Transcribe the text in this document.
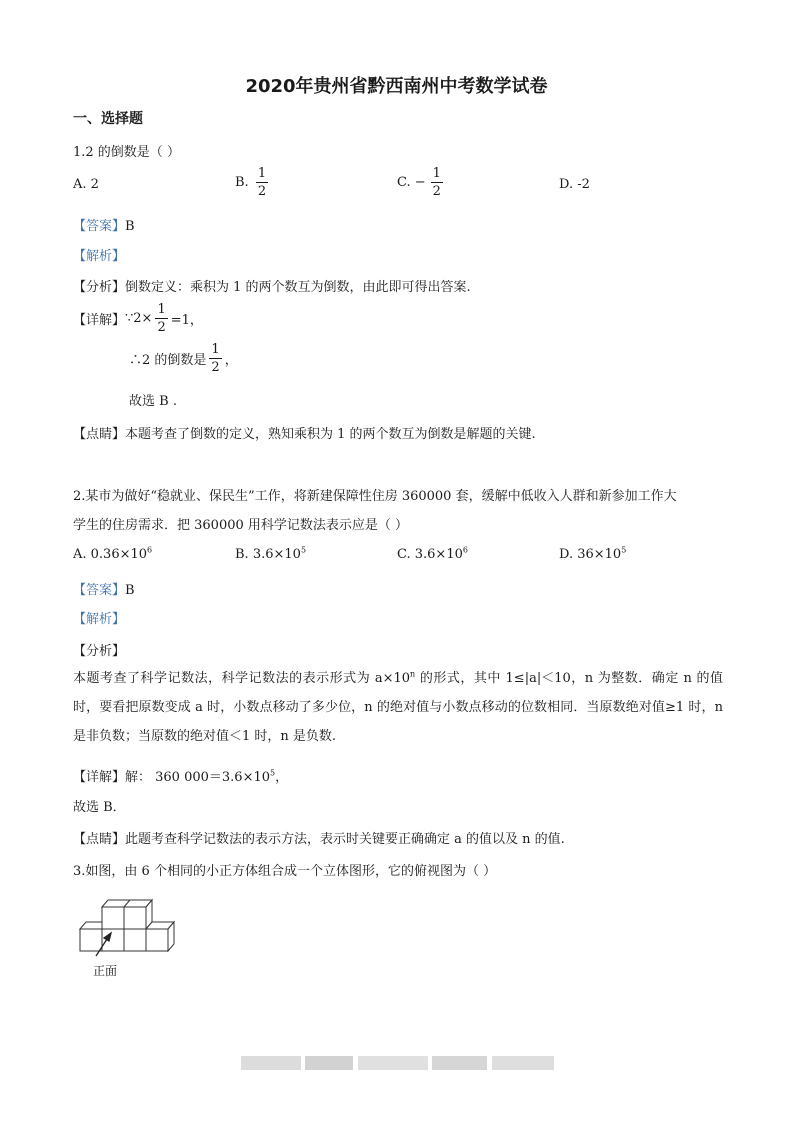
2020年贵州省黔西南州中考数学试卷
一、选择题
1.2 的倒数是（ ）
A. 2	B. $\frac{1}{2}$	C. − $\frac{1}{2}$	D. -2
【答案】B
【解析】
【分析】倒数定义：乘积为 1 的两个数互为倒数，由此即可得出答案.
【详解】∵2× $\frac{1}{2} =1$，
∴2 的倒数是 $\frac{1}{2}$ ，
故选 B .
【点睛】本题考查了倒数的定义，熟知乘积为 1 的两个数互为倒数是解题的关键.
2.某市为做好“稳就业、保民生”工作，将新建保障性住房 360000 套，缓解中低收入人群和新参加工作大
学生的住房需求．把 360000 用科学记数法表示应是（ ）
A. $0.36\times 10^6$	B. $3.6\times 10^5$	C. $3.6\times 10^6$	D. $36\times 10^5$
【答案】B
【解析】
【分析】
本题考查了科学记数法，科学记数法的表示形式为 $a\times 10^n$ 的形式，其中 1≤|a|＜10，n 为整数．确定 n 的值时，要看把原数变成 a 时，小数点移动了多少位，n 的绝对值与小数点移动的位数相同．当原数绝对值≥1 时，n 是非负数；当原数的绝对值＜1 时，n 是负数.
【详解】解： 360 $000=3.6\times 10^5$，
故选 B．
【点睛】此题考查科学记数法的表示方法，表示时关键要正确确定 a 的值以及 n 的值.
3.如图，由 6 个相同的小正方体组合成一个立体图形，它的俯视图为（ ）
正面
